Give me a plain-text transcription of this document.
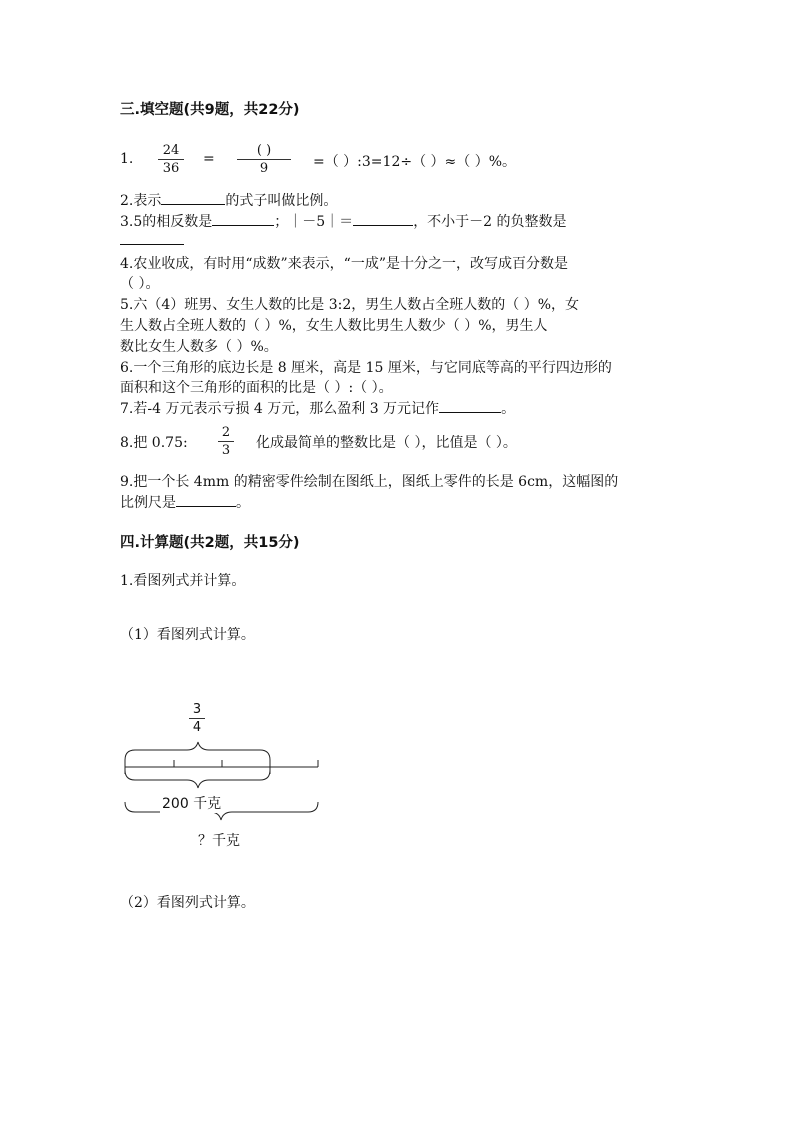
三.填空题(共9题，共22分)
1.
24
36
=
( )
9	=（ ）:3=12÷（ ）≈（ ）%。
2.表示	的式子叫做比例。
3.5的相反数是	；｜－5｜＝	，不小于－2 的负整数是
4.农业收成，有时用“成数”来表示，“一成”是十分之一，改写成百分数是
（ ）。
5.六（4）班男、女生人数的比是 3:2，男生人数占全班人数的（ ）%，女
生人数占全班人数的（ ）%，女生人数比男生人数少（ ）%，男生人
数比女生人数多（ ）%。
6.一个三角形的底边长是 8 厘米，高是 15 厘米，与它同底等高的平行四边形的
面积和这个三角形的面积的比是（ ）:（ ）。
7.若-4 万元表示亏损 4 万元，那么盈利 3 万元记作	。
8.把 0.75:
2
3 化成最简单的整数比是（ ），比值是（ ）。
9.把一个长 4mm 的精密零件绘制在图纸上，图纸上零件的长是 6cm，这幅图的
比例尺是	。
四.计算题(共2题，共15分)
1.看图列式并计算。
（1）看图列式计算。
3
4
200 千克
？千克
（2）看图列式计算。
